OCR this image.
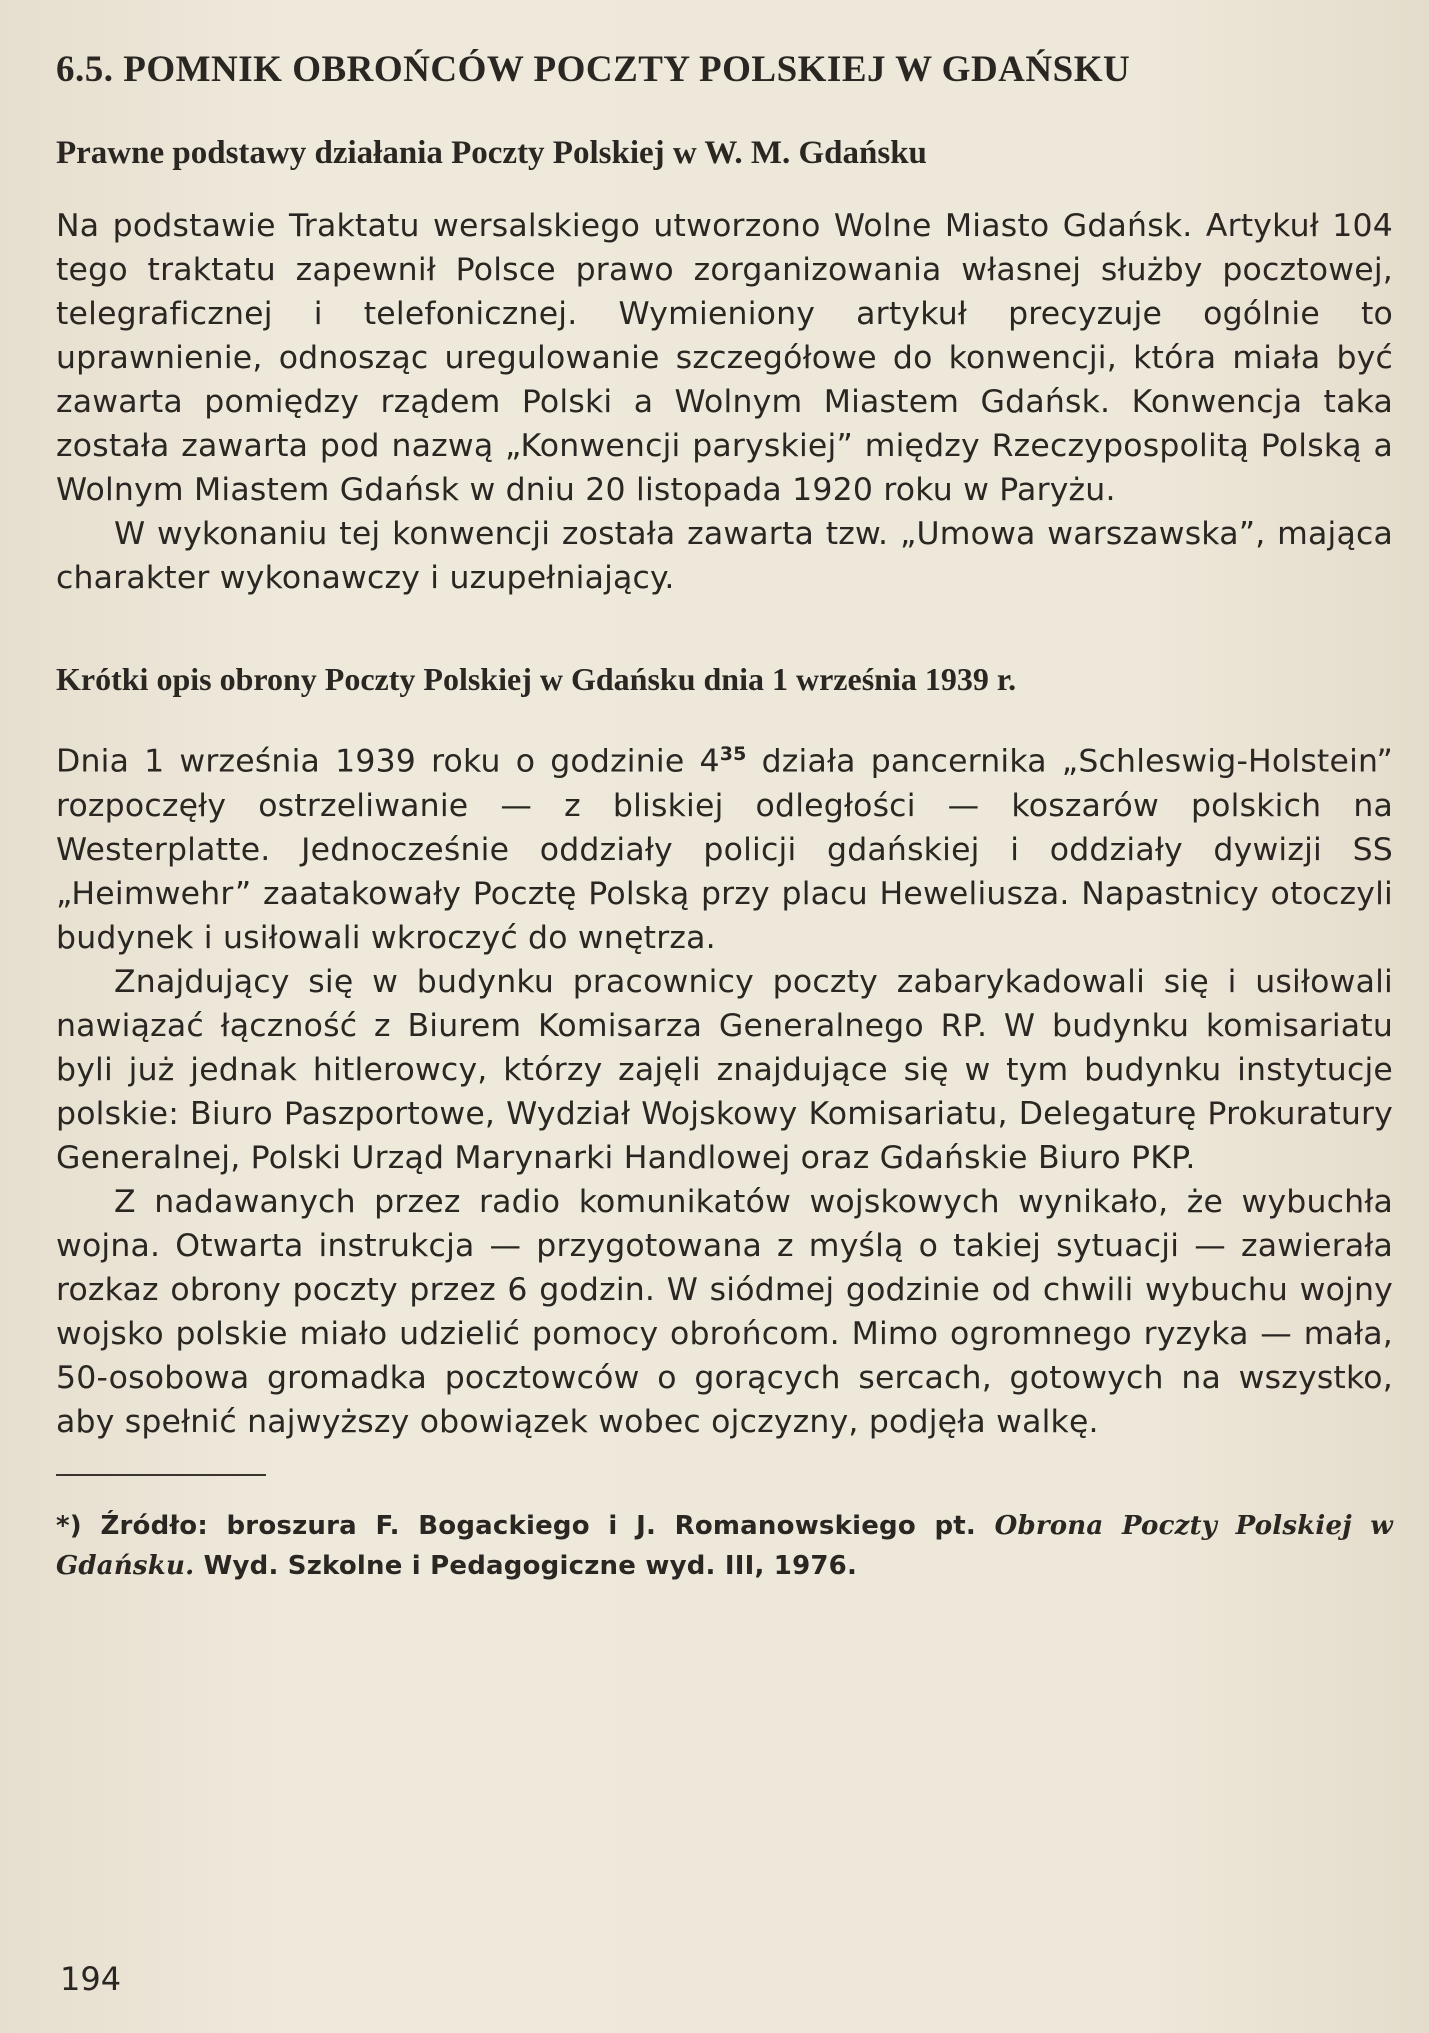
6.5. POMNIK OBROŃCÓW POCZTY POLSKIEJ W GDAŃSKU
Prawne podstawy działania Poczty Polskiej w W. M. Gdańsku

Na podstawie Traktatu wersalskiego utworzono Wolne Miasto Gdańsk. Artykuł 104 tego traktatu zapewnił Polsce prawo zorganizowania własnej służby pocztowej, telegraficznej i telefonicznej. Wymieniony artykuł precyzuje ogólnie to uprawnienie, odnosząc uregulowanie szczegółowe do konwencji, która miała być zawarta pomiędzy rządem Polski a Wolnym Miastem Gdańsk. Konwencja taka została zawarta pod nazwą „Konwencji paryskiej” między Rzeczypospolitą Polską a Wolnym Miastem Gdańsk w dniu 20 listopada 1920 roku w Paryżu.

W wykonaniu tej konwencji została zawarta tzw. „Umowa warszawska”, mająca charakter wykonawczy i uzupełniający.

Krótki opis obrony Poczty Polskiej w Gdańsku dnia 1 września 1939 r.

Dnia 1 września 1939 roku o godzinie $4^{35}$ działa pancernika „Schleswig-Holstein” rozpoczęły ostrzeliwanie — z bliskiej odległości — koszarów polskich na Westerplatte. Jednocześnie oddziały policji gdańskiej i oddziały dywizji SS „Heimwehr” zaatakowały Pocztę Polską przy placu Heweliusza. Napastnicy otoczyli budynek i usiłowali wkroczyć do wnętrza.

Znajdujący się w budynku pracownicy poczty zabarykadowali się i usiłowali nawiązać łączność z Biurem Komisarza Generalnego RP. W budynku komisariatu byli już jednak hitlerowcy, którzy zajęli znajdujące się w tym budynku instytucje polskie: Biuro Paszportowe, Wydział Wojskowy Komisariatu, Delegaturę Prokuratury Generalnej, Polski Urząd Marynarki Handlowej oraz Gdańskie Biuro PKP.

Z nadawanych przez radio komunikatów wojskowych wynikało, że wybuchła wojna. Otwarta instrukcja — przygotowana z myślą o takiej sytuacji — zawierała rozkaz obrony poczty przez 6 godzin. W siódmej godzinie od chwili wybuchu wojny wojsko polskie miało udzielić pomocy obrońcom. Mimo ogromnego ryzyka — mała, 50-osobowa gromadka pocztowców o gorących sercach, gotowych na wszystko, aby spełnić najwyższy obowiązek wobec ojczyzny, podjęła walkę.

*) Źródło: broszura F. Bogackiego i J. Romanowskiego pt. Obrona Poczty Polskiej w Gdańsku. Wyd. Szkolne i Pedagogiczne wyd. III, 1976.

194
